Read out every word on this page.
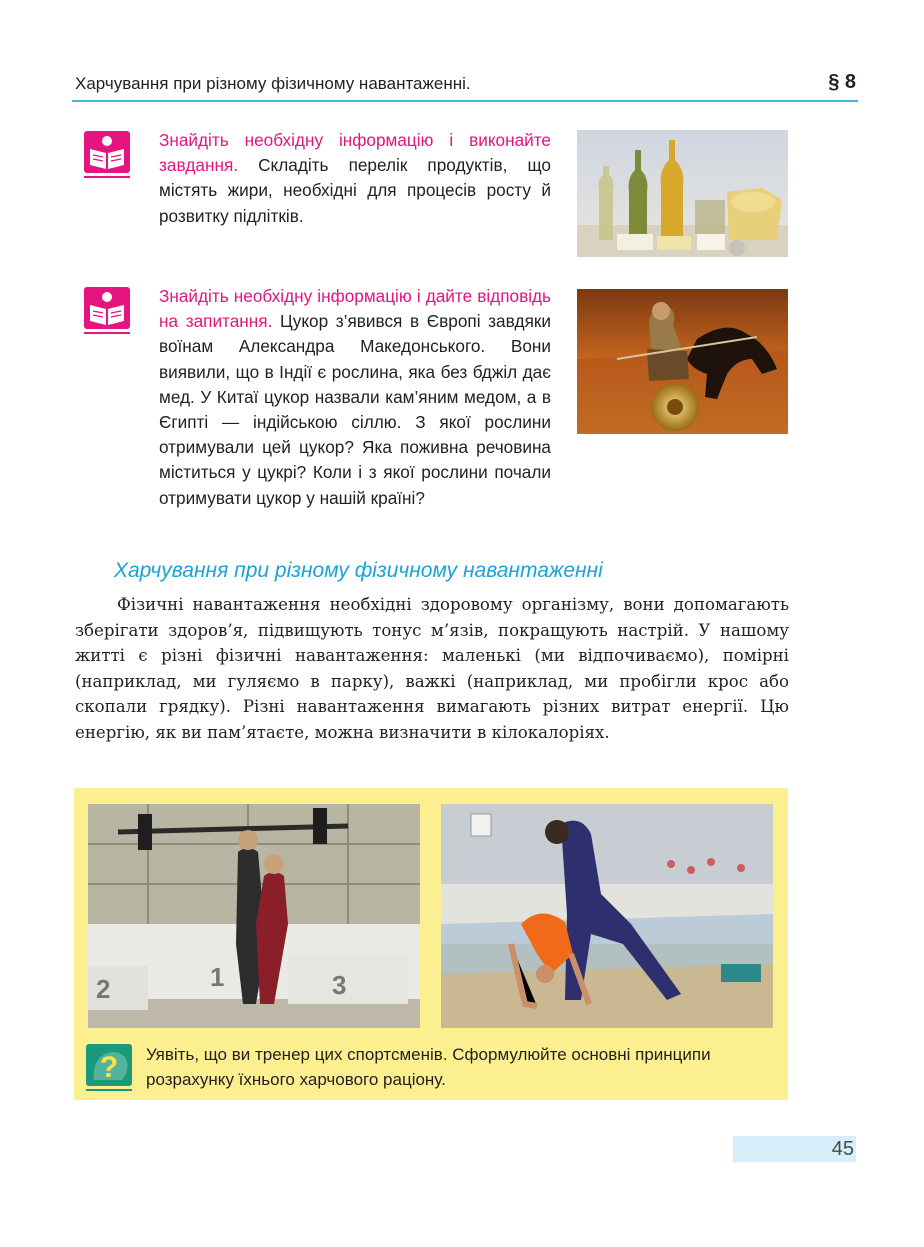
Харчування при різному фізичному навантаженні.	§ 8
Знайдіть необхідну інформацію і виконайте завдання. Складіть перелік продуктів, що містять жири, необхідні для процесів росту й розвитку підлітків.
Знайдіть необхідну інформацію і дайте відповідь на запитання. Цукор з’явився в Європі завдяки воїнам Александра Македонського. Вони виявили, що в Індії є рослина, яка без бджіл дає мед. У Китаї цукор назвали кам’яним медом, а в Єгипті — індійською сіллю. З якої рослини отримували цей цукор? Яка поживна речовина міститься у цукрі? Коли і з якої рослини почали отримувати цукор у нашій країні?
Харчування при різному фізичному навантаженні

Фізичні навантаження необхідні здоровому організму, вони допомагають зберігати здоров’я, підвищують тонус м’язів, покращують настрій. У нашому житті є різні фізичні навантаження: маленькі (ми відпочиваємо), помірні (наприклад, ми гуляємо в парку), важкі (наприклад, ми пробігли крос або скопали грядку). Різні навантаження вимагають різних витрат енергії. Цю енергію, як ви пам’ятаєте, можна визначити в кілокалоріях.

2	1	3
? Уявіть, що ви тренер цих спортсменів. Сформулюйте основні принципи розрахунку їхнього харчового раціону.
45
